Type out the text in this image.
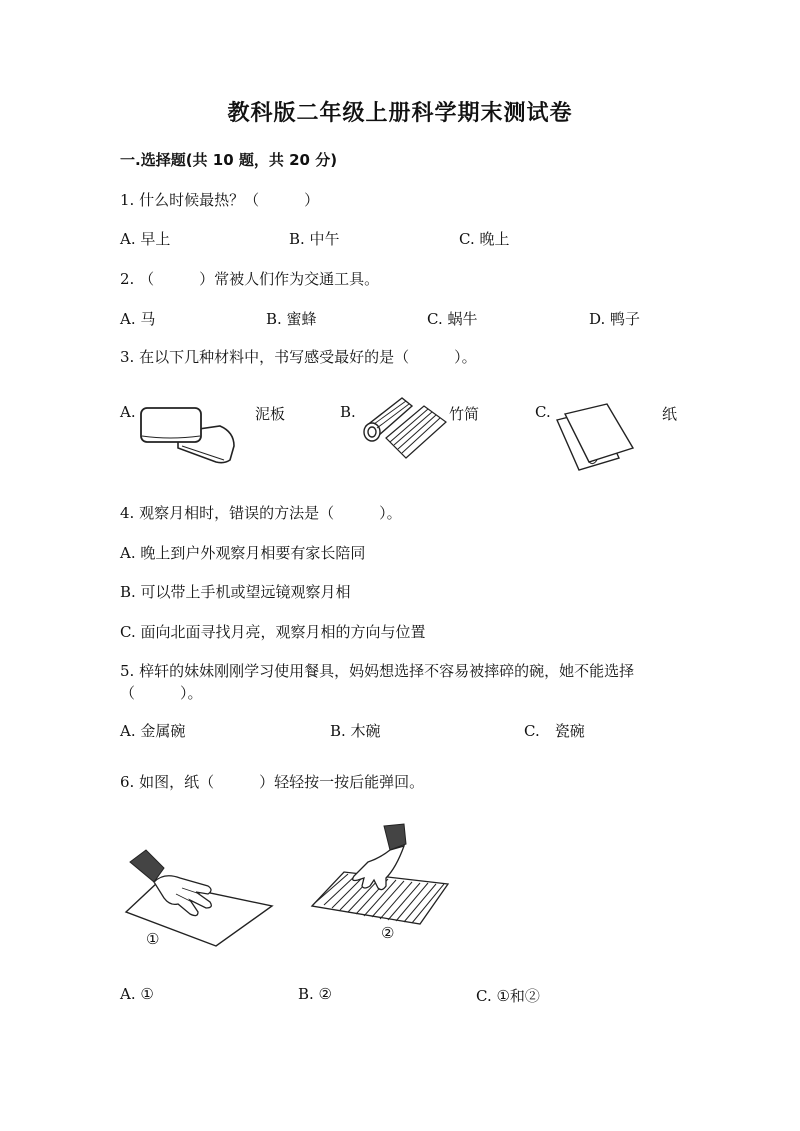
教科版二年级上册科学期末测试卷
一.选择题(共 10 题，共 20 分)
1. 什么时候最热？（　　　）
A. 早上	B. 中午	C. 晚上
2. （　　　）常被人们作为交通工具。
A. 马	B. 蜜蜂	C. 蜗牛	D. 鸭子
3. 在以下几种材料中，书写感受最好的是（　　　）。
A.	泥板	B.	竹简	C.	纸
4. 观察月相时，错误的方法是（　　　）。
A. 晚上到户外观察月相要有家长陪同
B. 可以带上手机或望远镜观察月相
C. 面向北面寻找月亮，观察月相的方向与位置
5. 梓轩的妹妹刚刚学习使用餐具，妈妈想选择不容易被摔碎的碗，她不能选择
（　　　）。
A. 金属碗	B. 木碗	C.　瓷碗
6. 如图，纸（　　　）轻轻按一按后能弹回。
①	②
A. ①	B. ②	C. ①和②
